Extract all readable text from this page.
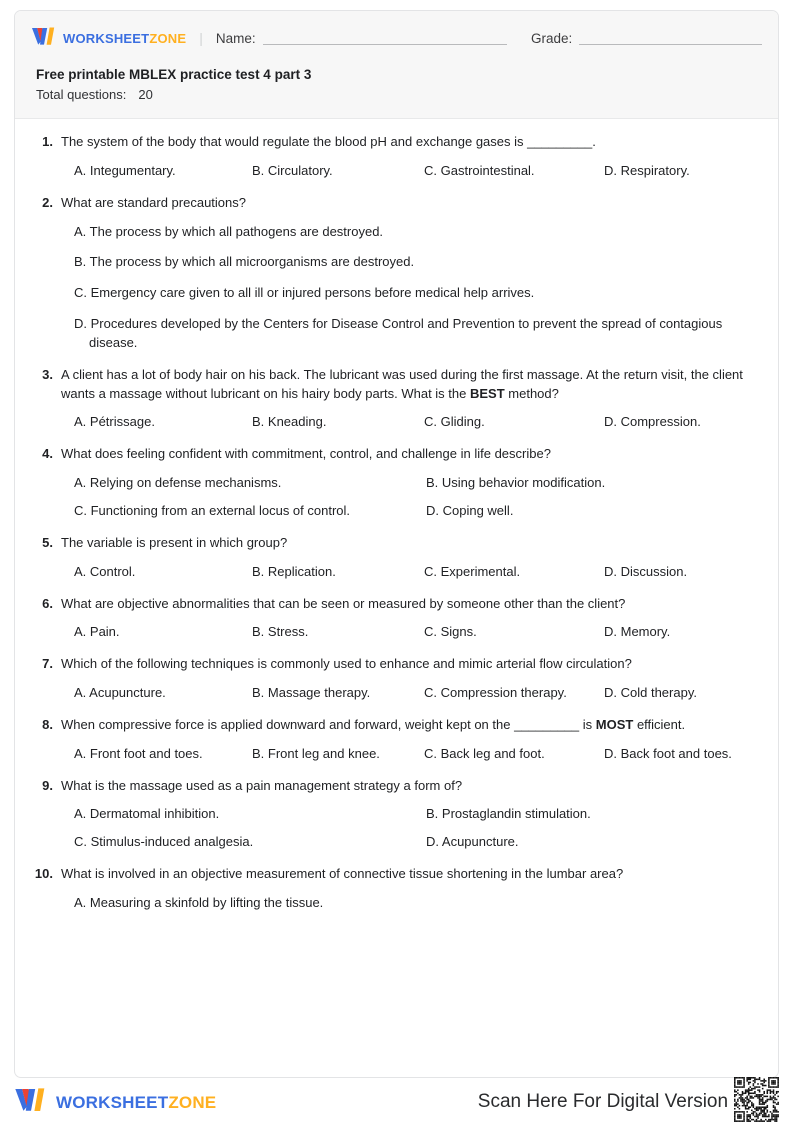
WORKSHEETZONE | Name:	Grade:
Free printable MBLEX practice test 4 part 3
Total questions: 20
1. The system of the body that would regulate the blood pH and exchange gases is _________.

A. Integumentary.	B. Circulatory.	C. Gastrointestinal.	D. Respiratory.
2. What are standard precautions?

A. The process by which all pathogens are destroyed.
B. The process by which all microorganisms are destroyed.
C. Emergency care given to all ill or injured persons before medical help arrives.
D. Procedures developed by the Centers for Disease Control and Prevention to prevent the spread of contagious disease.
3. A client has a lot of body hair on his back. The lubricant was used during the first massage. At the return visit, the client wants a massage without lubricant on his hairy body parts. What is the BEST method?

A. Pétrissage.	B. Kneading.	C. Gliding.	D. Compression.
4. What does feeling confident with commitment, control, and challenge in life describe?

A. Relying on defense mechanisms.	B. Using behavior modification.
C. Functioning from an external locus of control.	D. Coping well.
5. The variable is present in which group?

A. Control.	B. Replication.	C. Experimental.	D. Discussion.
6. What are objective abnormalities that can be seen or measured by someone other than the client?

A. Pain.	B. Stress.	C. Signs.	D. Memory.
7. Which of the following techniques is commonly used to enhance and mimic arterial flow circulation?

A. Acupuncture.	B. Massage therapy.	C. Compression therapy.	D. Cold therapy.
8. When compressive force is applied downward and forward, weight kept on the _________ is MOST efficient.

A. Front foot and toes.	B. Front leg and knee.	C. Back leg and foot.	D. Back foot and toes.
9. What is the massage used as a pain management strategy a form of?

A. Dermatomal inhibition.	B. Prostaglandin stimulation.
C. Stimulus-induced analgesia.	D. Acupuncture.
10. What is involved in an objective measurement of connective tissue shortening in the lumbar area?

A. Measuring a skinfold by lifting the tissue.
WORKSHEETZONE	Scan Here For Digital Version
